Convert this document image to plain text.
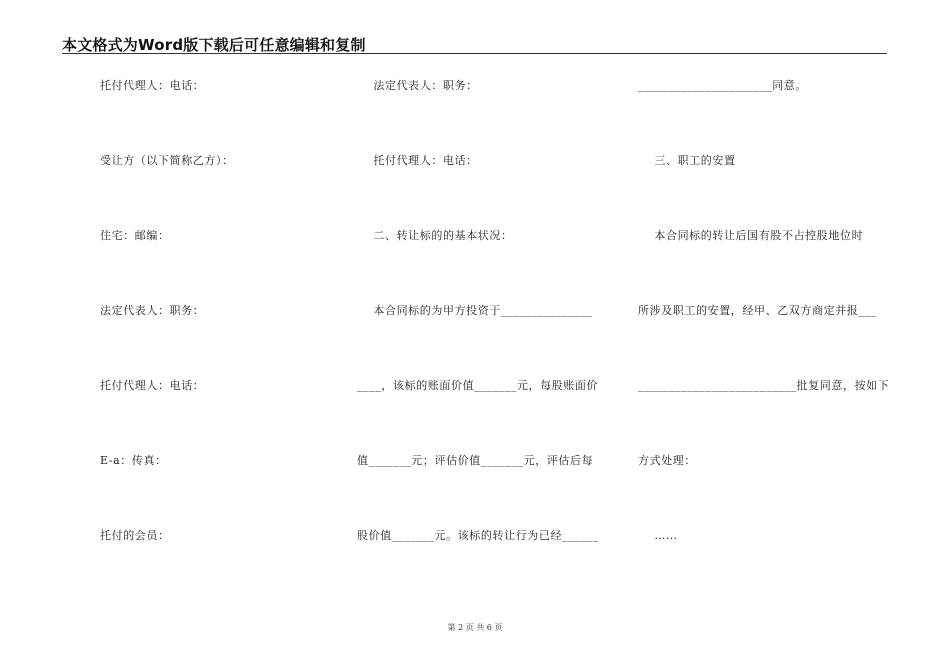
本文格式为Word版下载后可任意编辑和复制
托付代理人：电话：
受让方（以下简称乙方）：
住宅：邮编：
法定代表人：职务：
托付代理人：电话：
E-a：传真：
托付的会员：
法定代表人：职务：
托付代理人：电话：
二、转让标的的基本状况：
本合同标的为甲方投资于_______________
____，该标的账面价值_______元，每股账面价
值_______元；评估价值_______元，评估后每
股价值_______元。该标的转让行为已经______
______________________同意。
三、职工的安置
本合同标的转让后国有股不占控股地位时
所涉及职工的安置，经甲、乙双方商定并报___
__________________________批复同意，按如下
方式处理：
……
第 2 页 共 6 页
